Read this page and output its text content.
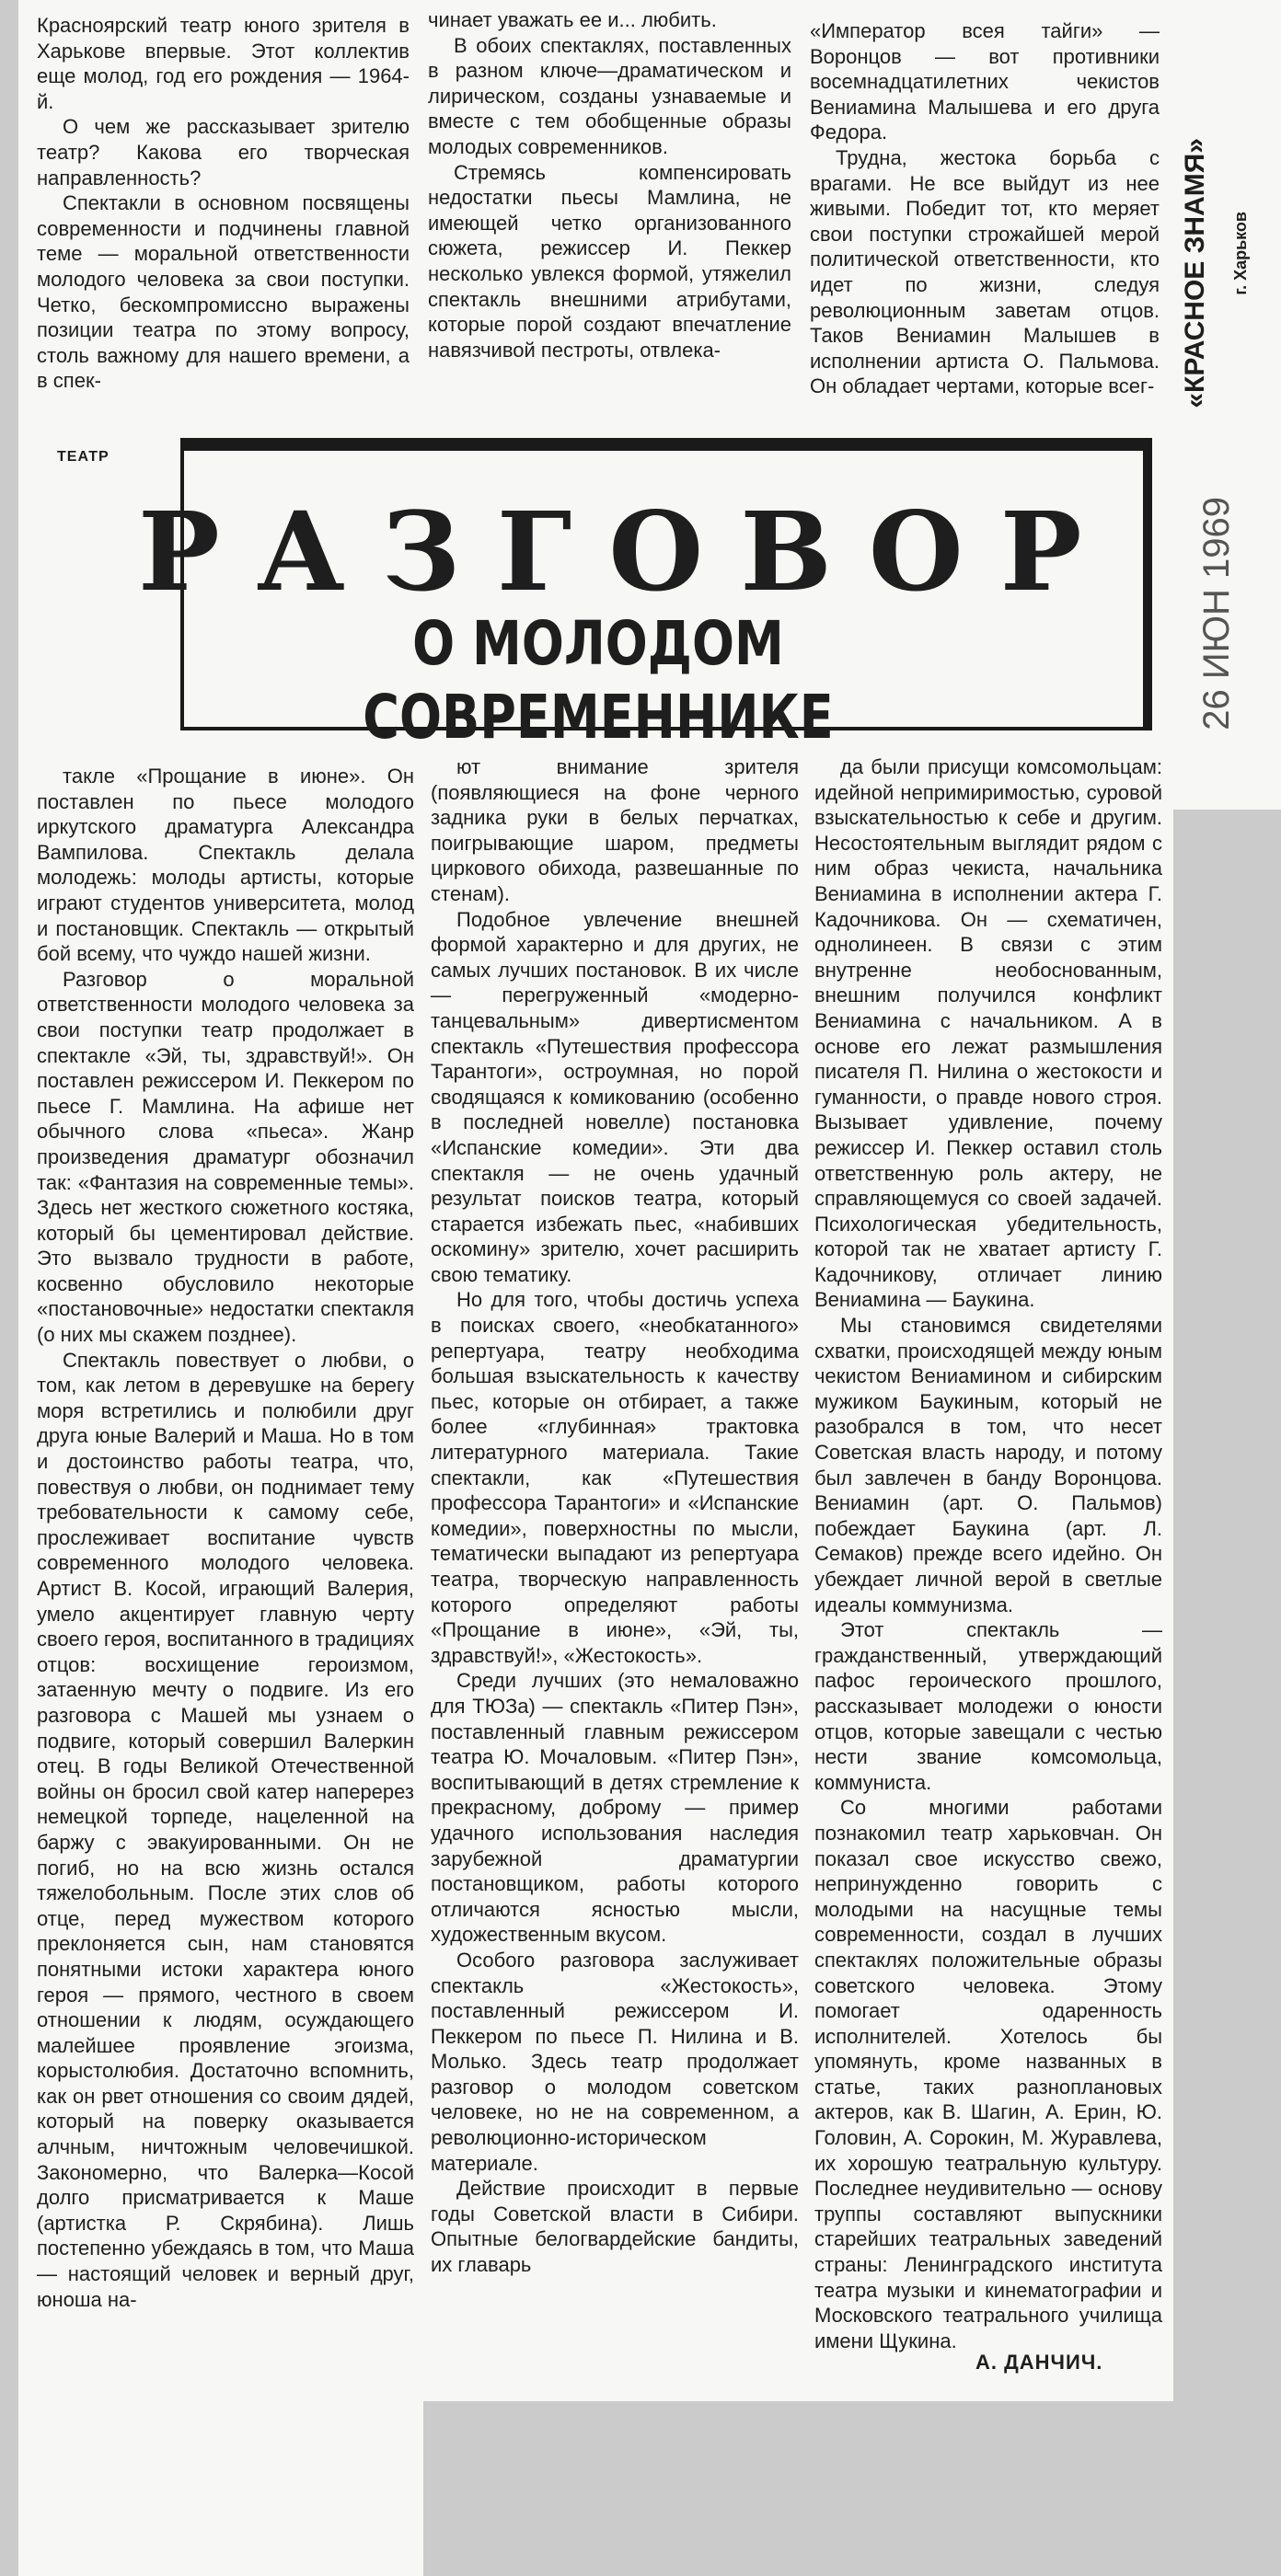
Красноярский театр юного зрителя в Харькове впервые. Этот коллектив еще молод, год его рождения — 1964-й.

О чем же рассказывает зрителю театр? Какова его творческая направленность?

Спектакли в основном посвящены современности и подчинены главной теме — моральной ответственности молодого человека за свои поступки. Четко, бескомпромиссно выражены позиции театра по этому вопросу, столь важному для нашего времени, а в спек-

чинает уважать ее и... любить.

В обоих спектаклях, поставленных в разном ключе—драматическом и лирическом, созданы узнаваемые и вместе с тем обобщенные образы молодых современников.

Стремясь компенсировать недостатки пьесы Мамлина, не имеющей четко организованного сюжета, режиссер И. Пеккер несколько увлекся формой, утяжелил спектакль внешними атрибутами, которые порой создают впечатление навязчивой пестроты, отвлека-

«Император всея тайги» — Воронцов — вот противники восемнадцатилетних чекистов Вениамина Малышева и его друга Федора.

Трудна, жестока борьба с врагами. Не все выйдут из нее живыми. Победит тот, кто меряет свои поступки строжайшей мерой политической ответственности, кто идет по жизни, следуя революционным заветам отцов. Таков Вениамин Малышев в исполнении артиста О. Пальмова. Он обладает чертами, которые всег-

ТЕАТР
РАЗГОВОР
О МОЛОДОМ СОВРЕМЕННИКЕ
«КРАСНОЕ ЗНАМЯ» г. Харьков
26 ИЮН 1969

такле «Прощание в июне». Он поставлен по пьесе молодого иркутского драматурга Александра Вампилова. Спектакль делала молодежь: молоды артисты, которые играют студентов университета, молод и постановщик. Спектакль — открытый бой всему, что чуждо нашей жизни.

Разговор о моральной ответственности молодого человека за свои поступки театр продолжает в спектакле «Эй, ты, здравствуй!». Он поставлен режиссером И. Пеккером по пьесе Г. Мамлина. На афише нет обычного слова «пьеса». Жанр произведения драматург обозначил так: «Фантазия на современные темы». Здесь нет жесткого сюжетного костяка, который бы цементировал действие. Это вызвало трудности в работе, косвенно обусловило некоторые «постановочные» недостатки спектакля (о них мы скажем позднее).

Спектакль повествует о любви, о том, как летом в деревушке на берегу моря встретились и полюбили друг друга юные Валерий и Маша. Но в том и достоинство работы театра, что, повествуя о любви, он поднимает тему требовательности к самому себе, прослеживает воспитание чувств современного молодого человека. Артист В. Косой, играющий Валерия, умело акцентирует главную черту своего героя, воспитанного в традициях отцов: восхищение героизмом, затаенную мечту о подвиге. Из его разговора с Машей мы узнаем о подвиге, который совершил Валеркин отец. В годы Великой Отечественной войны он бросил свой катер наперерез немецкой торпеде, нацеленной на баржу с эвакуированными. Он не погиб, но на всю жизнь остался тяжелобольным. После этих слов об отце, перед мужеством которого преклоняется сын, нам становятся понятными истоки характера юного героя — прямого, честного в своем отношении к людям, осуждающего малейшее проявление эгоизма, корыстолюбия. Достаточно вспомнить, как он рвет отношения со своим дядей, который на поверку оказывается алчным, ничтожным человечишкой. Закономерно, что Валерка—Косой долго присматривается к Маше (артистка Р. Скрябина). Лишь постепенно убеждаясь в том, что Маша — настоящий человек и верный друг, юноша на-

ют внимание зрителя (появляющиеся на фоне черного задника руки в белых перчатках, поигрывающие шаром, предметы циркового обихода, развешанные по стенам).

Подобное увлечение внешней формой характерно и для других, не самых лучших постановок. В их числе — перегруженный «модерно-танцевальным» дивертисментом спектакль «Путешествия профессора Тарантоги», остроумная, но порой сводящаяся к комикованию (особенно в последней новелле) постановка «Испанские комедии». Эти два спектакля — не очень удачный результат поисков театра, который старается избежать пьес, «набивших оскомину» зрителю, хочет расширить свою тематику.

Но для того, чтобы достичь успеха в поисках своего, «необкатанного» репертуара, театру необходима большая взыскательность к качеству пьес, которые он отбирает, а также более «глубинная» трактовка литературного материала. Такие спектакли, как «Путешествия профессора Тарантоги» и «Испанские комедии», поверхностны по мысли, тематически выпадают из репертуара театра, творческую направленность которого определяют работы «Прощание в июне», «Эй, ты, здравствуй!», «Жестокость».

Среди лучших (это немаловажно для ТЮЗа) — спектакль «Питер Пэн», поставленный главным режиссером театра Ю. Мочаловым. «Питер Пэн», воспитывающий в детях стремление к прекрасному, доброму — пример удачного использования наследия зарубежной драматургии постановщиком, работы которого отличаются ясностью мысли, художественным вкусом.

Особого разговора заслуживает спектакль «Жестокость», поставленный режиссером И. Пеккером по пьесе П. Нилина и В. Молько. Здесь театр продолжает разговор о молодом советском человеке, но не на современном, а революционно-историческом материале.

Действие происходит в первые годы Советской власти в Сибири. Опытные белогвардейские бандиты, их главарь

да были присущи комсомольцам: идейной непримиримостью, суровой взыскательностью к себе и другим. Несостоятельным выглядит рядом с ним образ чекиста, начальника Вениамина в исполнении актера Г. Кадочникова. Он — схематичен, однолинеен. В связи с этим внутренне необоснованным, внешним получился конфликт Вениамина с начальником. А в основе его лежат размышления писателя П. Нилина о жестокости и гуманности, о правде нового строя. Вызывает удивление, почему режиссер И. Пеккер оставил столь ответственную роль актеру, не справляющемуся со своей задачей. Психологическая убедительность, которой так не хватает артисту Г. Кадочникову, отличает линию Вениамина — Баукина.

Мы становимся свидетелями схватки, происходящей между юным чекистом Вениамином и сибирским мужиком Баукиным, который не разобрался в том, что несет Советская власть народу, и потому был завлечен в банду Воронцова. Вениамин (арт. О. Пальмов) побеждает Баукина (арт. Л. Семаков) прежде всего идейно. Он убеждает личной верой в светлые идеалы коммунизма.

Этот спектакль — гражданственный, утверждающий пафос героического прошлого, рассказывает молодежи о юности отцов, которые завещали с честью нести звание комсомольца, коммуниста.

Со многими работами познакомил театр харьковчан. Он показал свое искусство свежо, непринужденно говорить с молодыми на насущные темы современности, создал в лучших спектаклях положительные образы советского человека. Этому помогает одаренность исполнителей. Хотелось бы упомянуть, кроме названных в статье, таких разноплановых актеров, как В. Шагин, А. Ерин, Ю. Головин, А. Сорокин, М. Журавлева, их хорошую театральную культуру. Последнее неудивительно — основу труппы составляют выпускники старейших театральных заведений страны: Ленинградского института театра музыки и кинематографии и Московского театрального училища имени Щукина.

А. ДАНЧИЧ.
